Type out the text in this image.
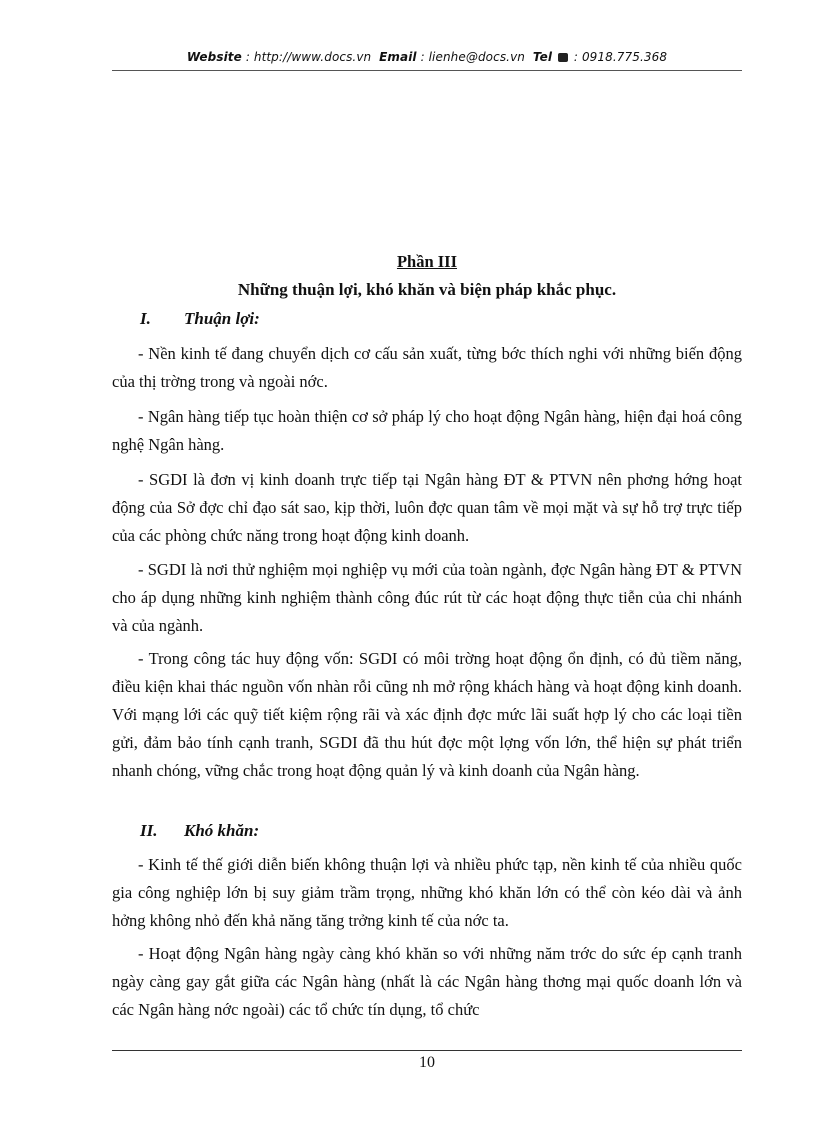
Website : http://www.docs.vn Email : lienhe@docs.vn Tel : 0918.775.368
Phần III
Những thuận lợi, khó khăn và biện pháp khắc phục.
I. Thuận lợi:
- Nền kinh tế đang chuyển dịch cơ cấu sản xuất, từng bớc thích nghi với những biến động của thị trờng trong và ngoài nớc.
- Ngân hàng tiếp tục hoàn thiện cơ sở pháp lý cho hoạt động Ngân hàng, hiện đại hoá công nghệ Ngân hàng.
- SGDI là đơn vị kinh doanh trực tiếp tại Ngân hàng ĐT & PTVN nên phơng hớng hoạt động của Sở đợc chỉ đạo sát sao, kịp thời, luôn đợc quan tâm về mọi mặt và sự hỗ trợ trực tiếp của các phòng chức năng trong hoạt động kinh doanh.
- SGDI là nơi thử nghiệm mọi nghiệp vụ mới của toàn ngành, đợc Ngân hàng ĐT & PTVN cho áp dụng những kinh nghiệm thành công đúc rút từ các hoạt động thực tiễn của chi nhánh và của ngành.
- Trong công tác huy động vốn: SGDI có môi trờng hoạt động ổn định, có đủ tiềm năng, điều kiện khai thác nguồn vốn nhàn rỗi cũng nh mở rộng khách hàng và hoạt động kinh doanh. Với mạng lới các quỹ tiết kiệm rộng rãi và xác định đợc mức lãi suất hợp lý cho các loại tiền gửi, đảm bảo tính cạnh tranh, SGDI đã thu hút đợc một lợng vốn lớn, thể hiện sự phát triển nhanh chóng, vững chắc trong hoạt động quản lý và kinh doanh của Ngân hàng.
II. Khó khăn:
- Kinh tế thế giới diễn biến không thuận lợi và nhiều phức tạp, nền kinh tế của nhiều quốc gia công nghiệp lớn bị suy giảm trầm trọng, những khó khăn lớn có thể còn kéo dài và ảnh hởng không nhỏ đến khả năng tăng trởng kinh tế của nớc ta.
- Hoạt động Ngân hàng ngày càng khó khăn so với những năm trớc do sức ép cạnh tranh ngày càng gay gắt giữa các Ngân hàng (nhất là các Ngân hàng thơng mại quốc doanh lớn và các Ngân hàng nớc ngoài) các tổ chức tín dụng, tổ chức
10
